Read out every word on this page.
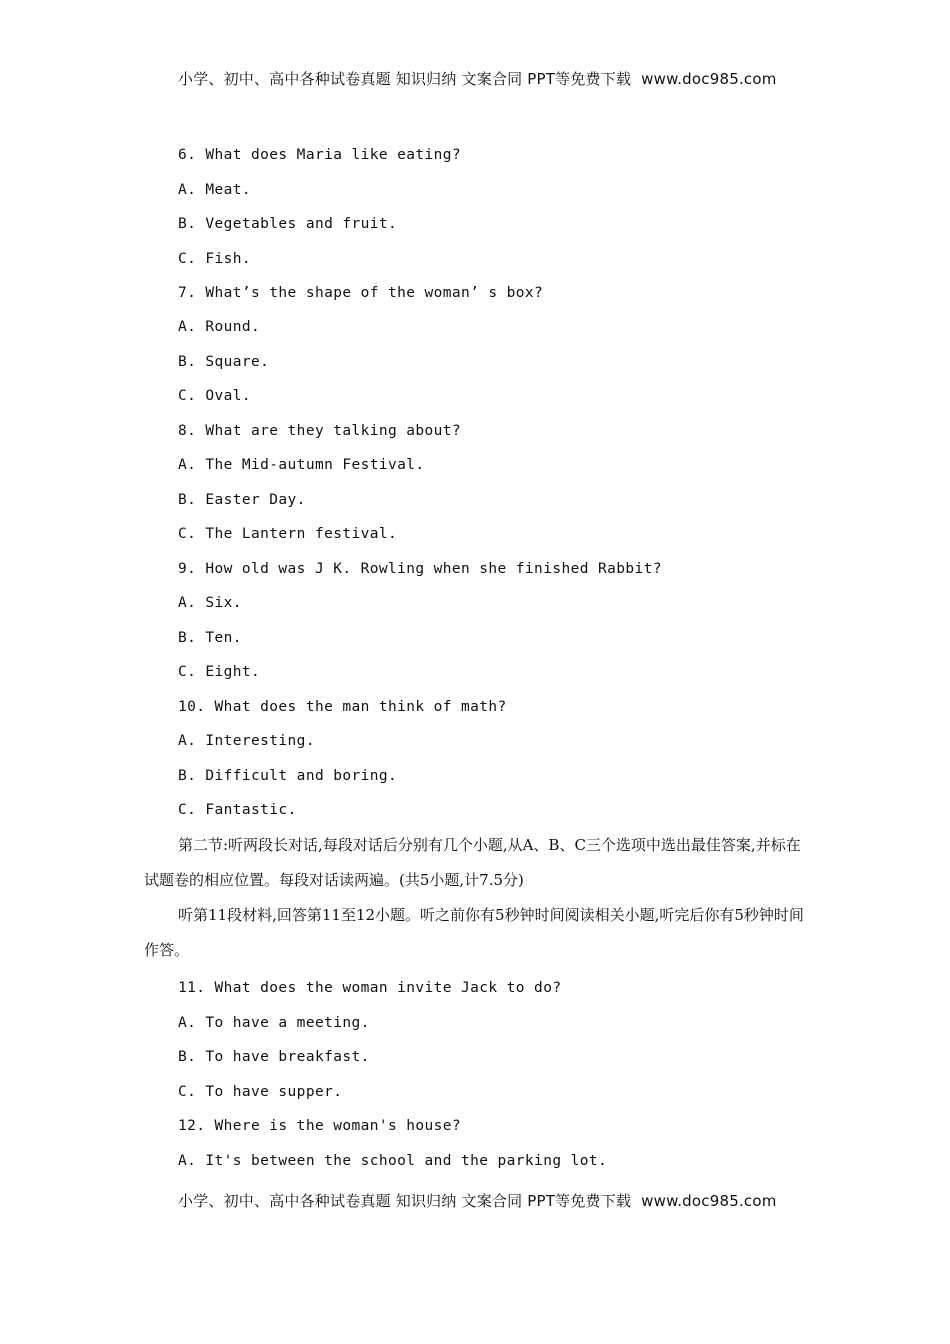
小学、初中、高中各种试卷真题 知识归纳 文案合同 PPT等免费下载 www.doc985.com
6. What does Maria like eating?
A. Meat.
B. Vegetables and fruit.
C. Fish.
7. What’s the shape of the woman’ s box?
A. Round.
B. Square.
C. Oval.
8. What are they talking about?
A. The Mid-autumn Festival.
B. Easter Day.
C. The Lantern festival.
9. How old was J K. Rowling when she finished Rabbit?
A. Six.
B. Ten.
C. Eight.
10. What does the man think of math?
A. Interesting.
B. Difficult and boring.
C. Fantastic.
第二节:听两段长对话,每段对话后分别有几个小题,从A、B、C三个选项中选出最佳答案,并标在试题卷的相应位置。每段对话读两遍。(共5小题,计7.5分)
听第11段材料,回答第11至12小题。听之前你有5秒钟时间阅读相关小题,听完后你有5秒钟时间作答。
11. What does the woman invite Jack to do?
A. To have a meeting.
B. To have breakfast.
C. To have supper.
12. Where is the woman's house?
A. It's between the school and the parking lot.
小学、初中、高中各种试卷真题 知识归纳 文案合同 PPT等免费下载 www.doc985.com
